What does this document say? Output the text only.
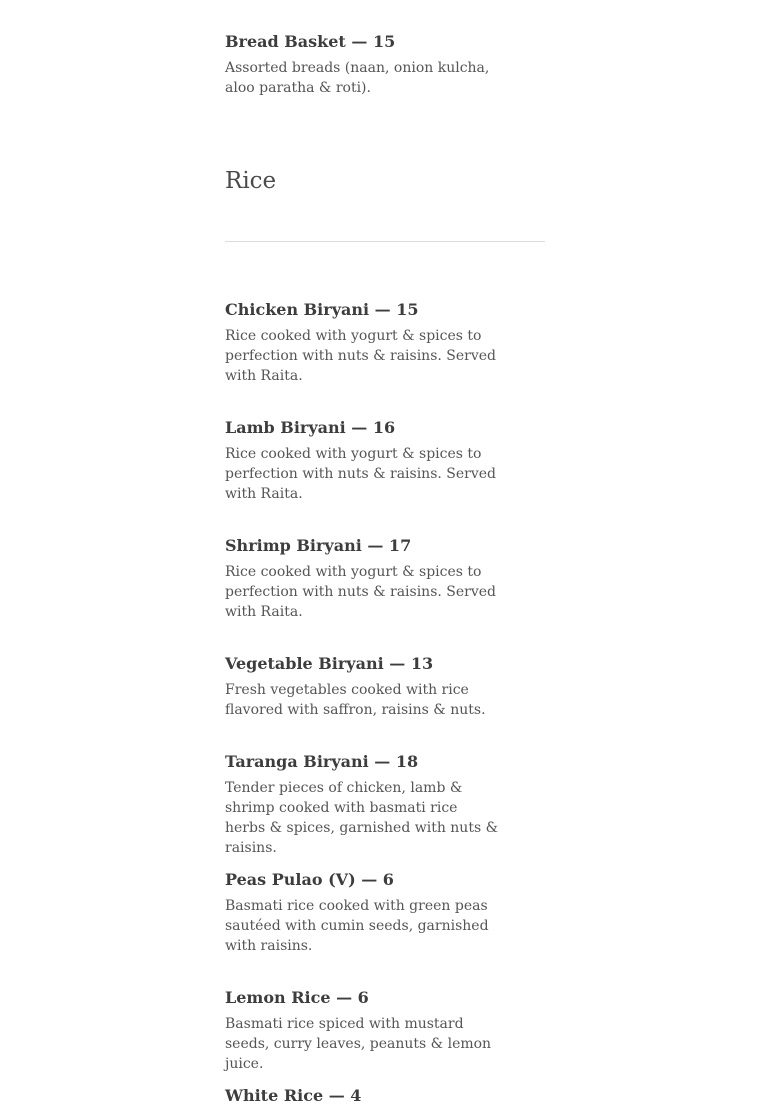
Bread Basket — 15

Assorted breads (naan, onion kulcha, aloo paratha & roti).

Rice

Chicken Biryani — 15

Rice cooked with yogurt & spices to perfection with nuts & raisins. Served with Raita.

Lamb Biryani — 16

Rice cooked with yogurt & spices to perfection with nuts & raisins. Served with Raita.

Shrimp Biryani — 17

Rice cooked with yogurt & spices to perfection with nuts & raisins. Served with Raita.

Vegetable Biryani — 13

Fresh vegetables cooked with rice flavored with saffron, raisins & nuts.

Taranga Biryani — 18

Tender pieces of chicken, lamb & shrimp cooked with basmati rice herbs & spices, garnished with nuts & raisins.

Peas Pulao (V) — 6

Basmati rice cooked with green peas sautéed with cumin seeds, garnished with raisins.

Lemon Rice — 6

Basmati rice spiced with mustard seeds, curry leaves, peanuts & lemon juice.

White Rice — 4
